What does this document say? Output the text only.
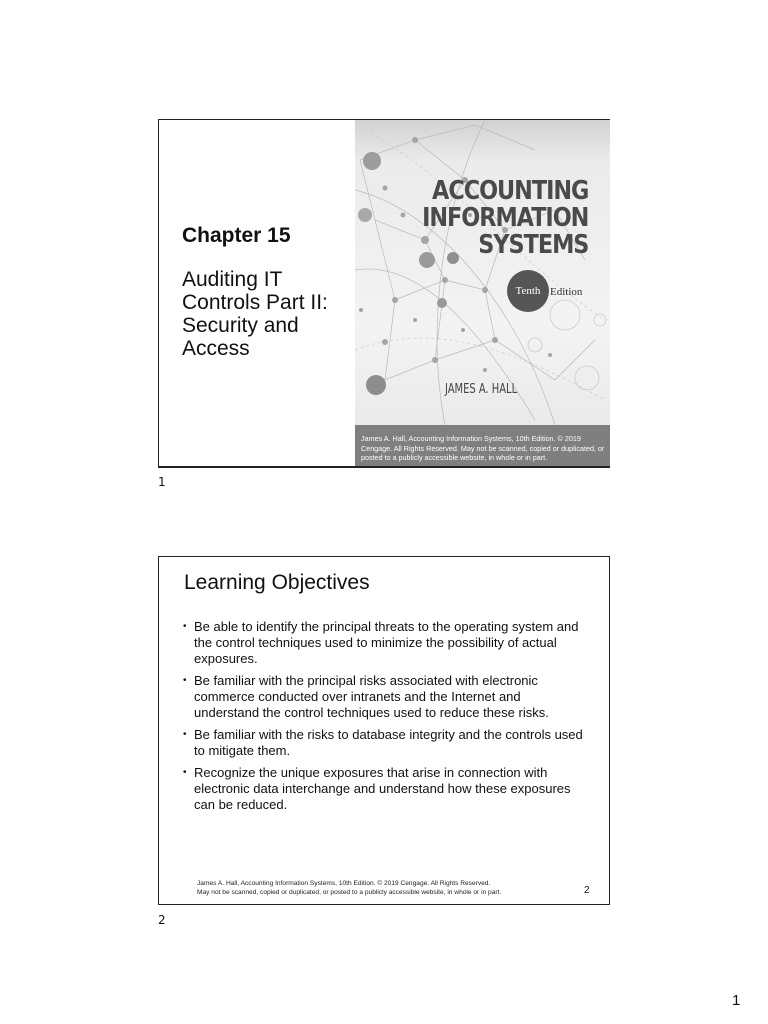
Chapter 15
Auditing IT Controls Part II: Security and Access
ACCOUNTING
INFORMATION
SYSTEMS
Tenth Edition
JAMES A. HALL
James A. Hall, Accounting Information Systems, 10th Edition. © 2019 Cengage. All Rights Reserved. May not be scanned, copied or duplicated, or posted to a publicly accessible website, in whole or in part.
1
Learning Objectives
• Be able to identify the principal threats to the operating system and the control techniques used to minimize the possibility of actual exposures.
• Be familiar with the principal risks associated with electronic commerce conducted over intranets and the Internet and understand the control techniques used to reduce these risks.
• Be familiar with the risks to database integrity and the controls used to mitigate them.
• Recognize the unique exposures that arise in connection with electronic data interchange and understand how these exposures can be reduced.
James A. Hall, Accounting Information Systems, 10th Edition. © 2019 Cengage. All Rights Reserved.
May not be scanned, copied or duplicated, or posted to a publicly accessible website, in whole or in part.	2
2
1
